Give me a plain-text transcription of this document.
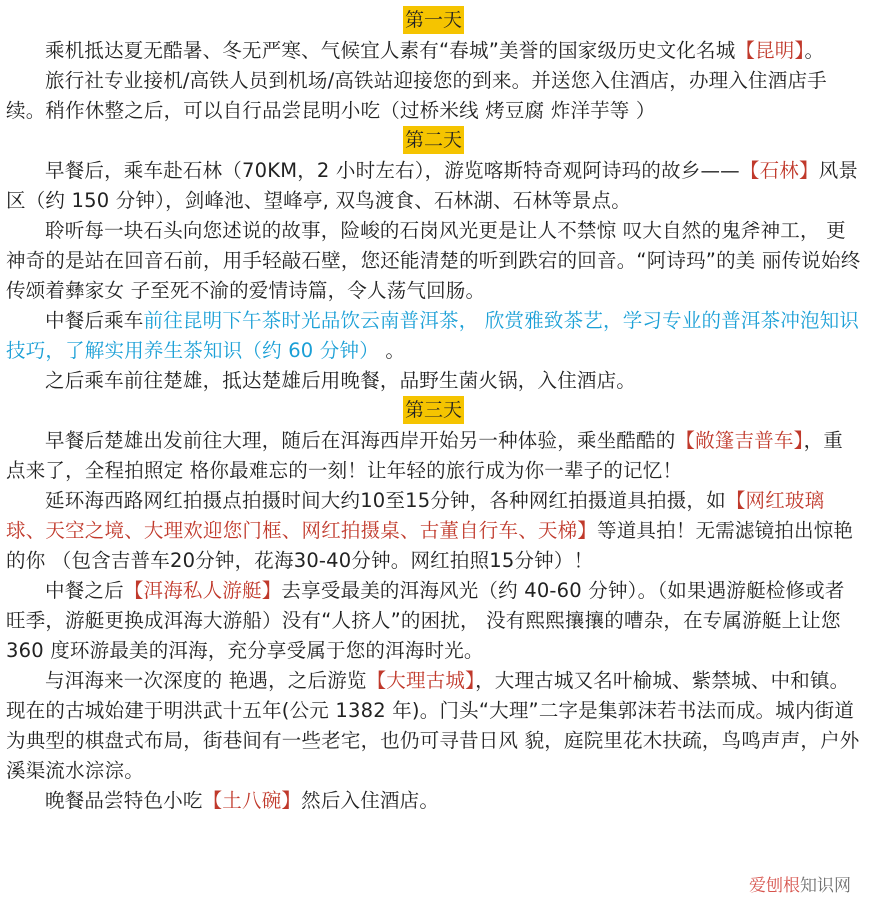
第一天

乘机抵达夏无酷暑、冬无严寒、气候宜人素有“春城”美誉的国家级历史文化名城【昆明】。

旅行社专业接机/高铁人员到机场/高铁站迎接您的到来。并送您入住酒店，办理入住酒店手续。稍作休整之后，可以自行品尝昆明小吃（过桥米线 烤豆腐 炸洋芋等 ）

第二天

早餐后，乘车赴石林（70KM，2 小时左右），游览喀斯特奇观阿诗玛的故乡——【石林】风景区（约 150 分钟），剑峰池、望峰亭, 双鸟渡食、石林湖、石林等景点。

聆听每一块石头向您述说的故事，险峻的石岗风光更是让人不禁惊 叹大自然的鬼斧神工， 更神奇的是站在回音石前，用手轻敲石壁，您还能清楚的听到跌宕的回音。“阿诗玛”的美 丽传说始终传颂着彝家女 子至死不渝的爱情诗篇，令人荡气回肠。

中餐后乘车前往昆明下午茶时光品饮云南普洱茶， 欣赏雅致茶艺，学习专业的普洱茶冲泡知识技巧，了解实用养生茶知识（约 60 分钟） 。

之后乘车前往楚雄，抵达楚雄后用晚餐，品野生菌火锅，入住酒店。

第三天

早餐后楚雄出发前往大理，随后在洱海西岸开始另一种体验，乘坐酷酷的【敞篷吉普车】，重点来了，全程拍照定 格你最难忘的一刻！让年轻的旅行成为你一辈子的记忆！

延环海西路网红拍摄点拍摄时间大约10至15分钟，各种网红拍摄道具拍摄，如【网红玻璃球、天空之境、大理欢迎您门框、网红拍摄桌、古董自行车、天梯】等道具拍！无需滤镜拍出惊艳的你 （包含吉普车20分钟，花海30-40分钟。网红拍照15分钟）！

中餐之后【洱海私人游艇】去享受最美的洱海风光（约 40-60 分钟）。（如果遇游艇检修或者旺季，游艇更换成洱海大游船）没有“人挤人”的困扰， 没有熙熙攘攘的嘈杂，在专属游艇上让您 360 度环游最美的洱海，充分享受属于您的洱海时光。

与洱海来一次深度的 艳遇，之后游览【大理古城】，大理古城又名叶榆城、紫禁城、中和镇。现在的古城始建于明洪武十五年(公元 1382 年)。门头“大理”二字是集郭沫若书法而成。城内街道为典型的棋盘式布局，街巷间有一些老宅，也仍可寻昔日风 貌，庭院里花木扶疏，鸟鸣声声，户外溪渠流水淙淙。

晚餐品尝特色小吃【土八碗】然后入住酒店。

爱刨根知识网
